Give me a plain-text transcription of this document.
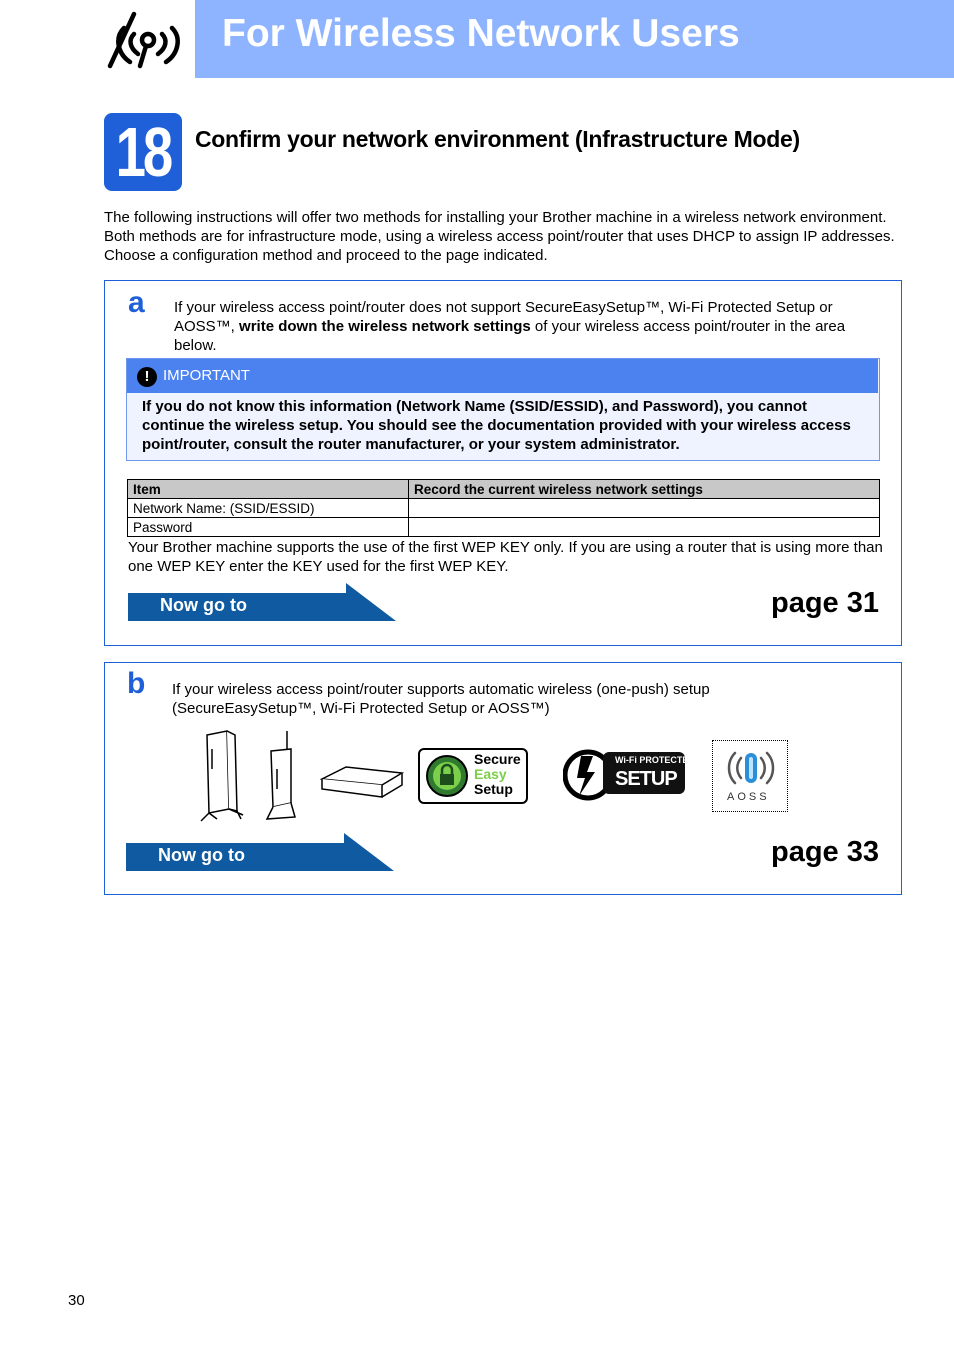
For Wireless Network Users
18	Confirm your network environment (Infrastructure Mode)
The following instructions will offer two methods for installing your Brother machine in a wireless network environment. Both methods are for infrastructure mode, using a wireless access point/router that uses DHCP to assign IP addresses. Choose a configuration method and proceed to the page indicated.
a If your wireless access point/router does not support SecureEasySetup™, Wi-Fi Protected Setup or AOSS™, write down the wireless network settings of your wireless access point/router in the area below.
! IMPORTANT
If you do not know this information (Network Name (SSID/ESSID), and Password), you cannot continue the wireless setup. You should see the documentation provided with your wireless access point/router, consult the router manufacturer, or your system administrator.
Item	Record the current wireless network settings
Network Name: (SSID/ESSID)	
Password	
Your Brother machine supports the use of the first WEP KEY only. If you are using a router that is using more than one WEP KEY enter the KEY used for the first WEP KEY.
Now go to	page 31
b If your wireless access point/router supports automatic wireless (one-push) setup (SecureEasySetup™, Wi-Fi Protected Setup or AOSS™)
Secure
Easy
Setup
Wi-Fi PROTECTED
SETUP
AOSS
Now go to	page 33
30
